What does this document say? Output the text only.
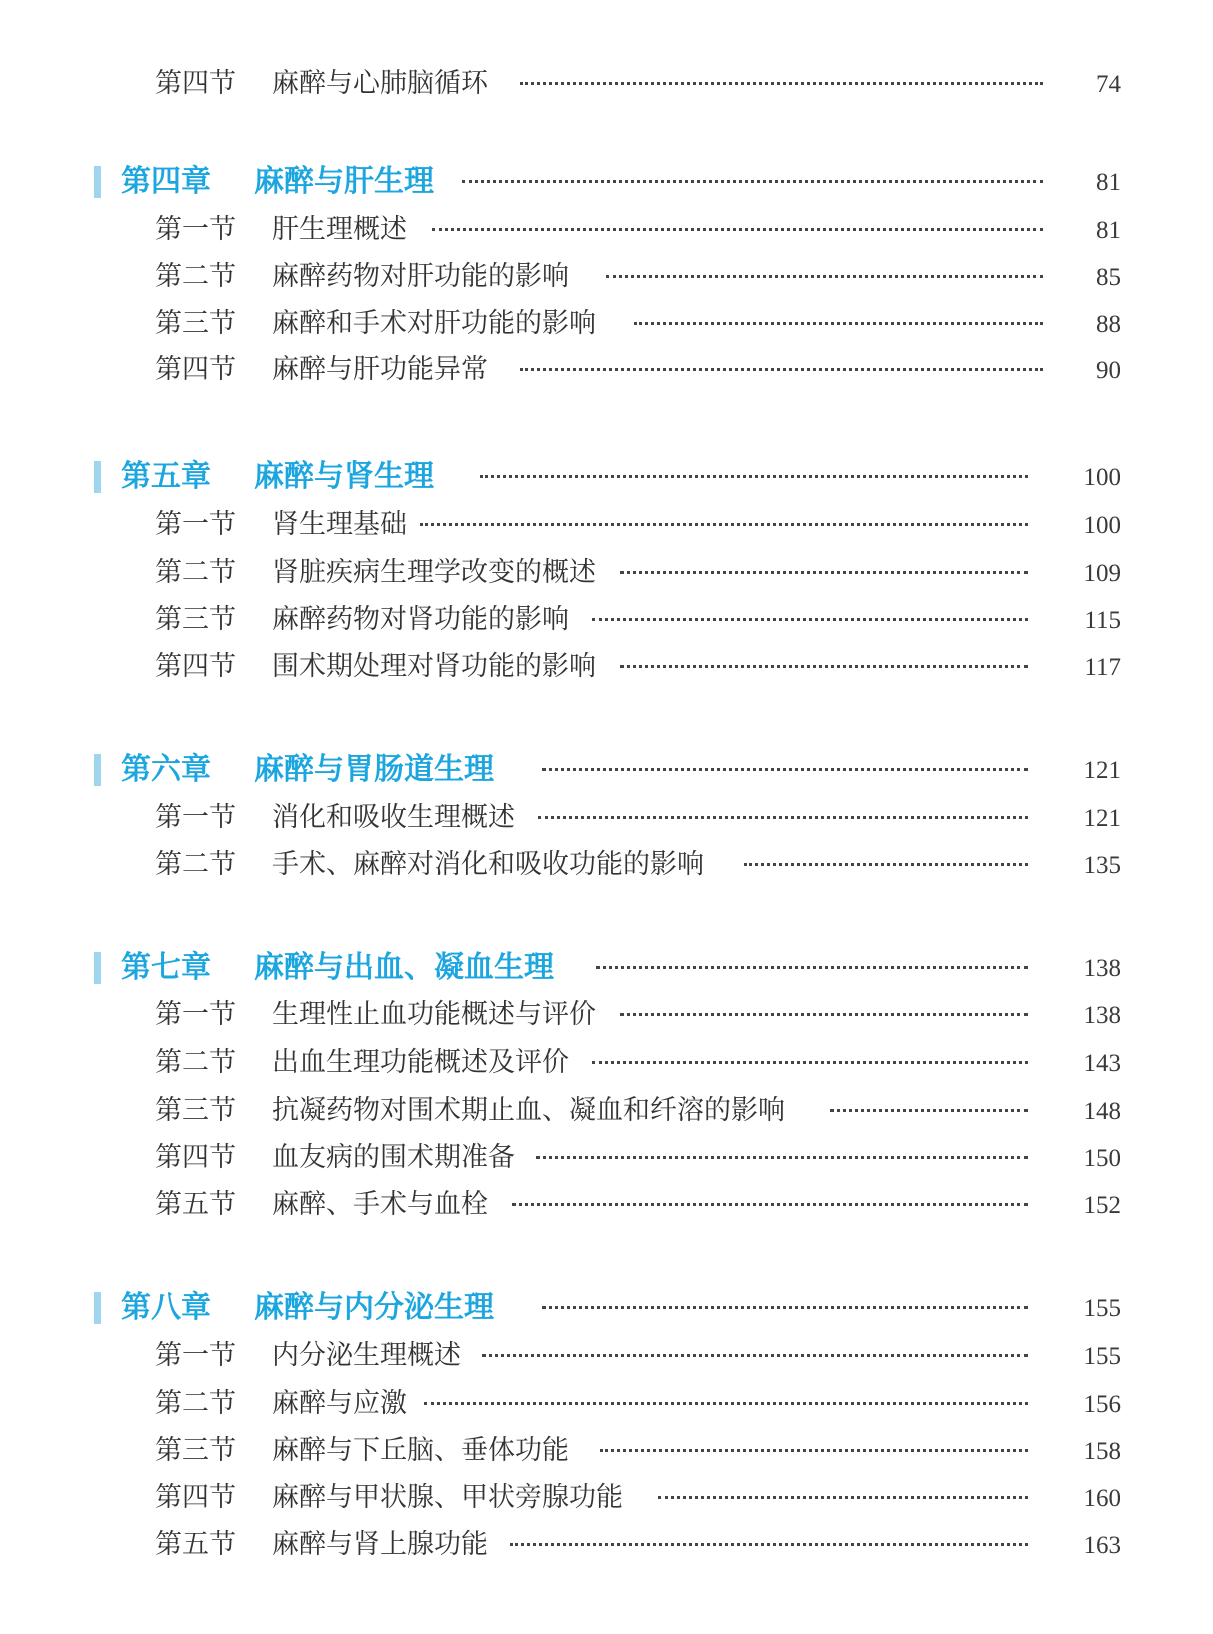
第四节 麻醉与心肺脑循环	74
第四章 麻醉与肝生理	81
第一节 肝生理概述	81
第二节 麻醉药物对肝功能的影响	85
第三节 麻醉和手术对肝功能的影响	88
第四节 麻醉与肝功能异常	90
第五章 麻醉与肾生理	100
第一节 肾生理基础	100
第二节 肾脏疾病生理学改变的概述	109
第三节 麻醉药物对肾功能的影响	115
第四节 围术期处理对肾功能的影响	117
第六章 麻醉与胃肠道生理	121
第一节 消化和吸收生理概述	121
第二节 手术、麻醉对消化和吸收功能的影响	135
第七章 麻醉与出血、凝血生理	138
第一节 生理性止血功能概述与评价	138
第二节 出血生理功能概述及评价	143
第三节 抗凝药物对围术期止血、凝血和纤溶的影响	148
第四节 血友病的围术期准备	150
第五节 麻醉、手术与血栓	152
第八章 麻醉与内分泌生理	155
第一节 内分泌生理概述	155
第二节 麻醉与应激	156
第三节 麻醉与下丘脑、垂体功能	158
第四节 麻醉与甲状腺、甲状旁腺功能	160
第五节 麻醉与肾上腺功能	163
